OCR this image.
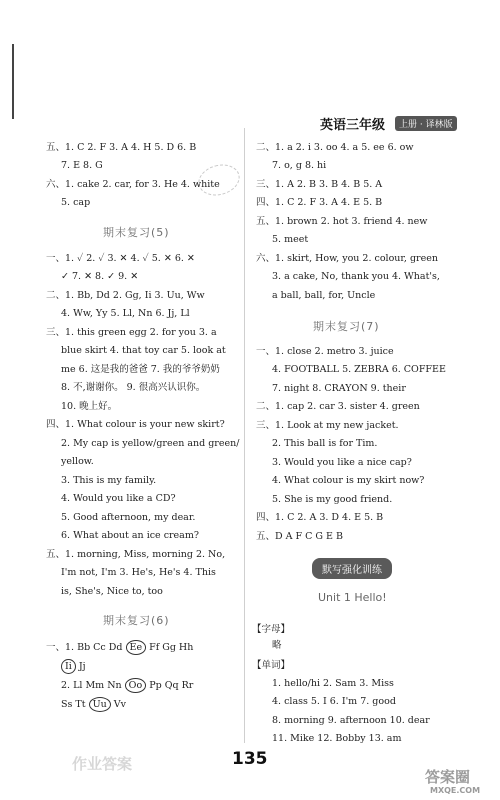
英语三年级	上册 · 译林版
五、1. C 2. F 3. A 4. H 5. D 6. B
7. E 8. G
六、1. cake 2. car, for 3. He 4. white
5. cap
期末复习(5)
一、1. ✓ 2. ✓ 3. ✕ 4. ✓ 5. ✕ 6. ✕
✓ 7. ✕ 8. ✓ 9. ✕
二、1. Bb, Dd 2. Gg, Ii 3. Uu, Ww
4. Ww, Yy 5. Ll, Nn 6. Jj, Ll
三、1. this green egg 2. for you 3. a
blue skirt 4. that toy car 5. look at
me 6. 这是我的爸爸 7. 我的爷爷奶奶
8. 不,谢谢你。 9. 很高兴认识你。
10. 晚上好。
四、1. What colour is your new skirt?
2. My cap is yellow/green and green/
yellow.
3. This is my family.
4. Would you like a CD?
5. Good afternoon, my dear.
6. What about an ice cream?
五、1. morning, Miss, morning 2. No,
I'm not, I'm 3. He's, He's 4. This
is, She's, Nice to, too
期末复习(6)
一、1. Bb Cc Dd Ee Ff Gg Hh
Ii Jj
2. Ll Mm Nn Oo Pp Qq Rr
Ss Tt Uu Vv
二、1. a 2. i 3. oo 4. a 5. ee 6. ow
7. o, g 8. hi
三、1. A 2. B 3. B 4. B 5. A
四、1. C 2. F 3. A 4. E 5. B
五、1. brown 2. hot 3. friend 4. new
5. meet
六、1. skirt, How, you 2. colour, green
3. a cake, No, thank you 4. What's,
a ball, ball, for, Uncle
期末复习(7)
一、1. close 2. metro 3. juice
4. FOOTBALL 5. ZEBRA 6. COFFEE
7. night 8. CRAYON 9. their
二、1. cap 2. car 3. sister 4. green
三、1. Look at my new jacket.
2. This ball is for Tim.
3. Would you like a nice cap?
4. What colour is my skirt now?
5. She is my good friend.
四、1. C 2. A 3. D 4. E 5. B
五、D A F C G E B
默写强化训练
Unit 1 Hello!
【字母】
略
【单词】
1. hello/hi 2. Sam 3. Miss
4. class 5. I 6. I'm 7. good
8. morning 9. afternoon 10. dear
11. Mike 12. Bobby 13. am
135
作业答案
答案圈
MXQE.COM
